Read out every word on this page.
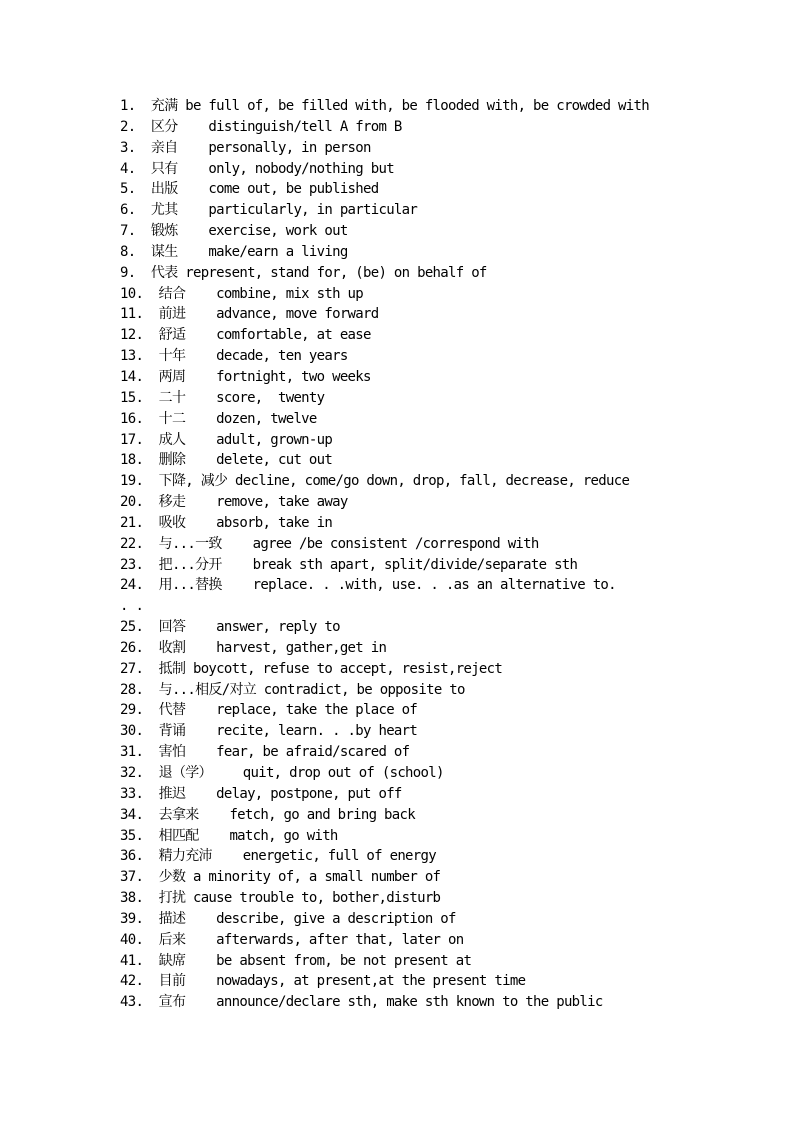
1.  充满 be full of, be filled with, be flooded with, be crowded with
2.  区分    distinguish/tell A from B
3.  亲自    personally, in person
4.  只有    only, nobody/nothing but
5.  出版    come out, be published
6.  尤其    particularly, in particular
7.  锻炼    exercise, work out
8.  谋生    make/earn a living
9.  代表 represent, stand for, (be) on behalf of
10.  结合    combine, mix sth up
11.  前进    advance, move forward
12.  舒适    comfortable, at ease
13.  十年    decade, ten years
14.  两周    fortnight, two weeks
15.  二十    score,  twenty
16.  十二    dozen, twelve
17.  成人    adult, grown-up
18.  删除    delete, cut out
19.  下降, 减少 decline, come/go down, drop, fall, decrease, reduce
20.  移走    remove, take away
21.  吸收    absorb, take in
22.  与...一致    agree /be consistent /correspond with
23.  把...分开    break sth apart, split/divide/separate sth
24.  用...替换    replace. . .with, use. . .as an alternative to.
. .
25.  回答    answer, reply to
26.  收割    harvest, gather,get in
27.  抵制 boycott, refuse to accept, resist,reject
28.  与...相反/对立 contradict, be opposite to
29.  代替    replace, take the place of
30.  背诵    recite, learn. . .by heart
31.  害怕    fear, be afraid/scared of
32.  退（学）    quit, drop out of (school)
33.  推迟    delay, postpone, put off
34.  去拿来    fetch, go and bring back
35.  相匹配    match, go with
36.  精力充沛    energetic, full of energy
37.  少数 a minority of, a small number of
38.  打扰 cause trouble to, bother,disturb
39.  描述    describe, give a description of
40.  后来    afterwards, after that, later on
41.  缺席    be absent from, be not present at
42.  目前    nowadays, at present,at the present time
43.  宣布    announce/declare sth, make sth known to the public
